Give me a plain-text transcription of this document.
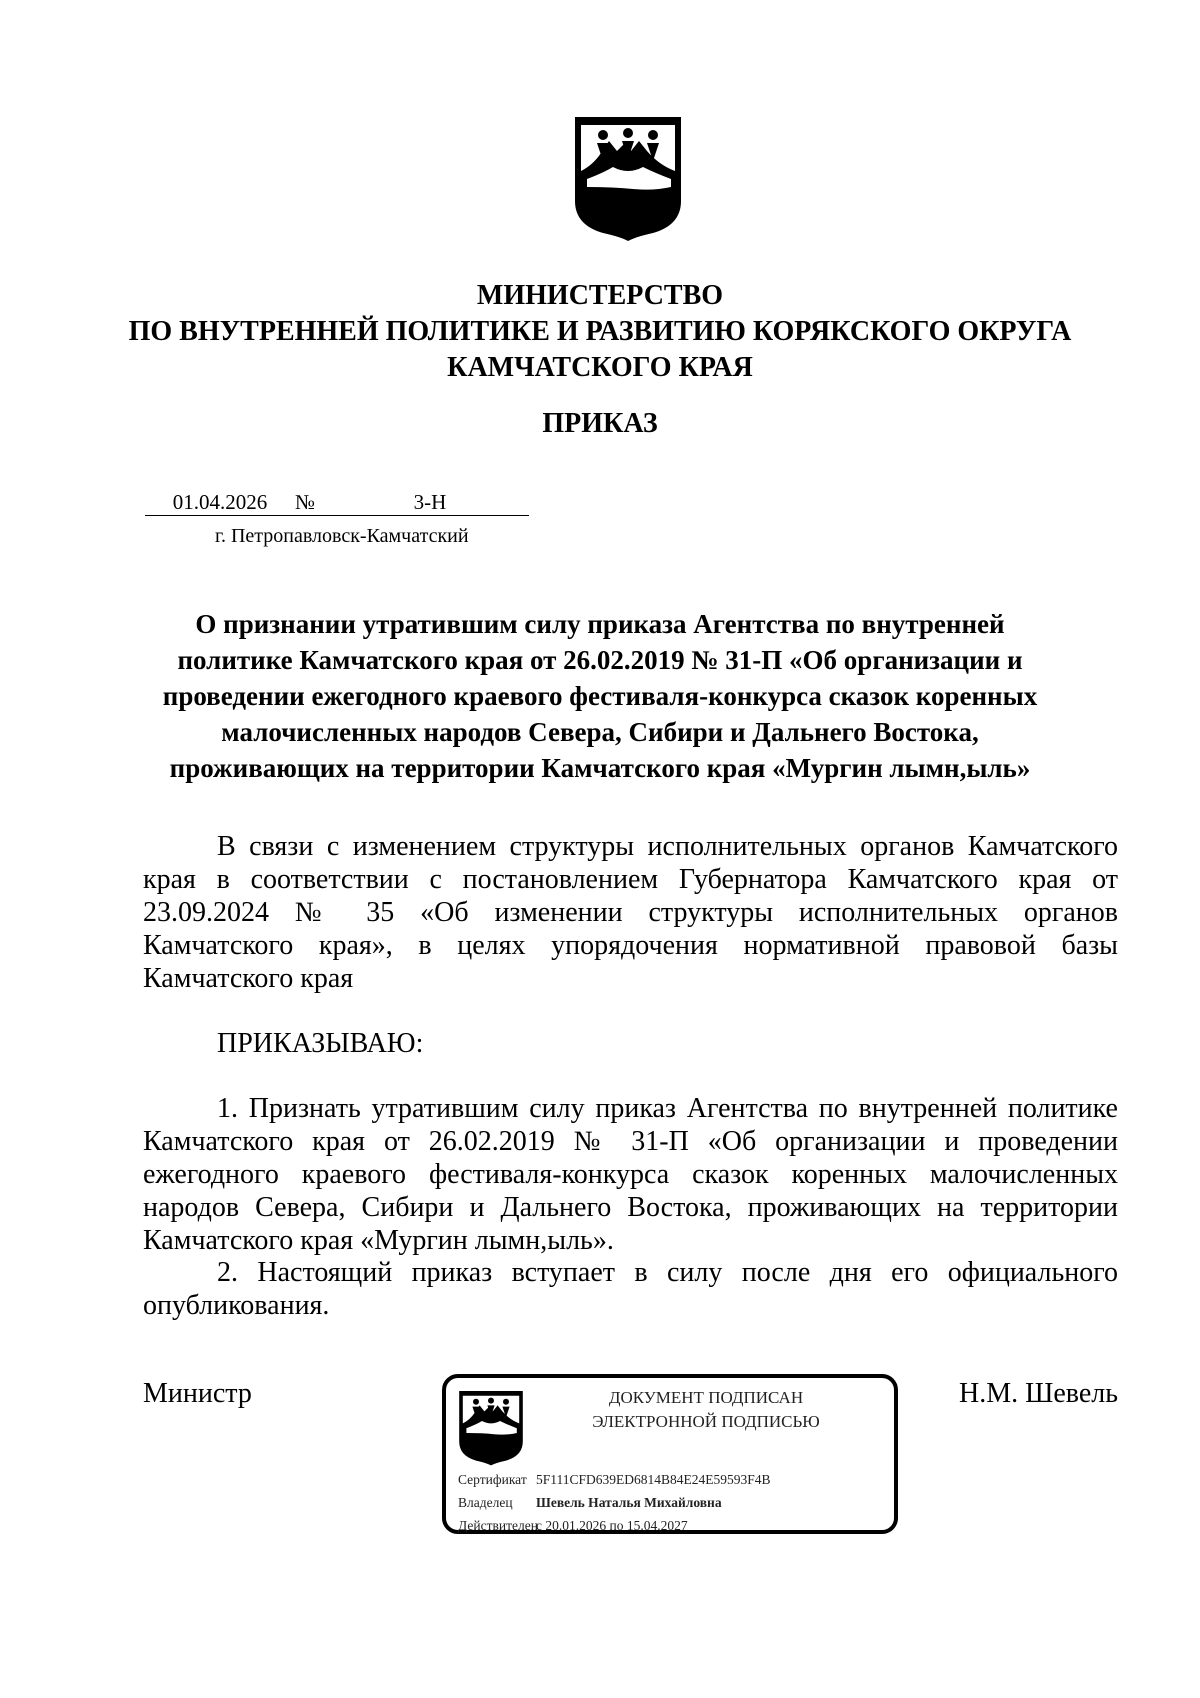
МИНИСТЕРСТВО
ПО ВНУТРЕННЕЙ ПОЛИТИКЕ И РАЗВИТИЮ КОРЯКСКОГО ОКРУГА
КАМЧАТСКОГО КРАЯ
ПРИКАЗ
01.04.2026 №	3-Н
г. Петропавловск-Камчатский
О признании утратившим силу приказа Агентства по внутренней политике Камчатского края от 26.02.2019 № 31-П «Об организации и проведении ежегодного краевого фестиваля-конкурса сказок коренных малочисленных народов Севера, Сибири и Дальнего Востока, проживающих на территории Камчатского края «Мургин лымн,ыль»
В связи с изменением структуры исполнительных органов Камчатского края в соответствии с постановлением Губернатора Камчатского края от 23.09.2024 № 35 «Об изменении структуры исполнительных органов Камчатского края», в целях упорядочения нормативной правовой базы Камчатского края
ПРИКАЗЫВАЮ:
1. Признать утратившим силу приказ Агентства по внутренней политике Камчатского края от 26.02.2019 № 31-П «Об организации и проведении ежегодного краевого фестиваля-конкурса сказок коренных малочисленных народов Севера, Сибири и Дальнего Востока, проживающих на территории Камчатского края «Мургин лымн,ыль».
2. Настоящий приказ вступает в силу после дня его официального опубликования.
Министр	Н.М. Шевель
ДОКУМЕНТ ПОДПИСАН
ЭЛЕКТРОННОЙ ПОДПИСЬЮ
Сертификат 5F111CFD639ED6814B84E24E59593F4B
Владелец Шевель Наталья Михайловна
Действителенс 20.01.2026 по 15.04.2027
